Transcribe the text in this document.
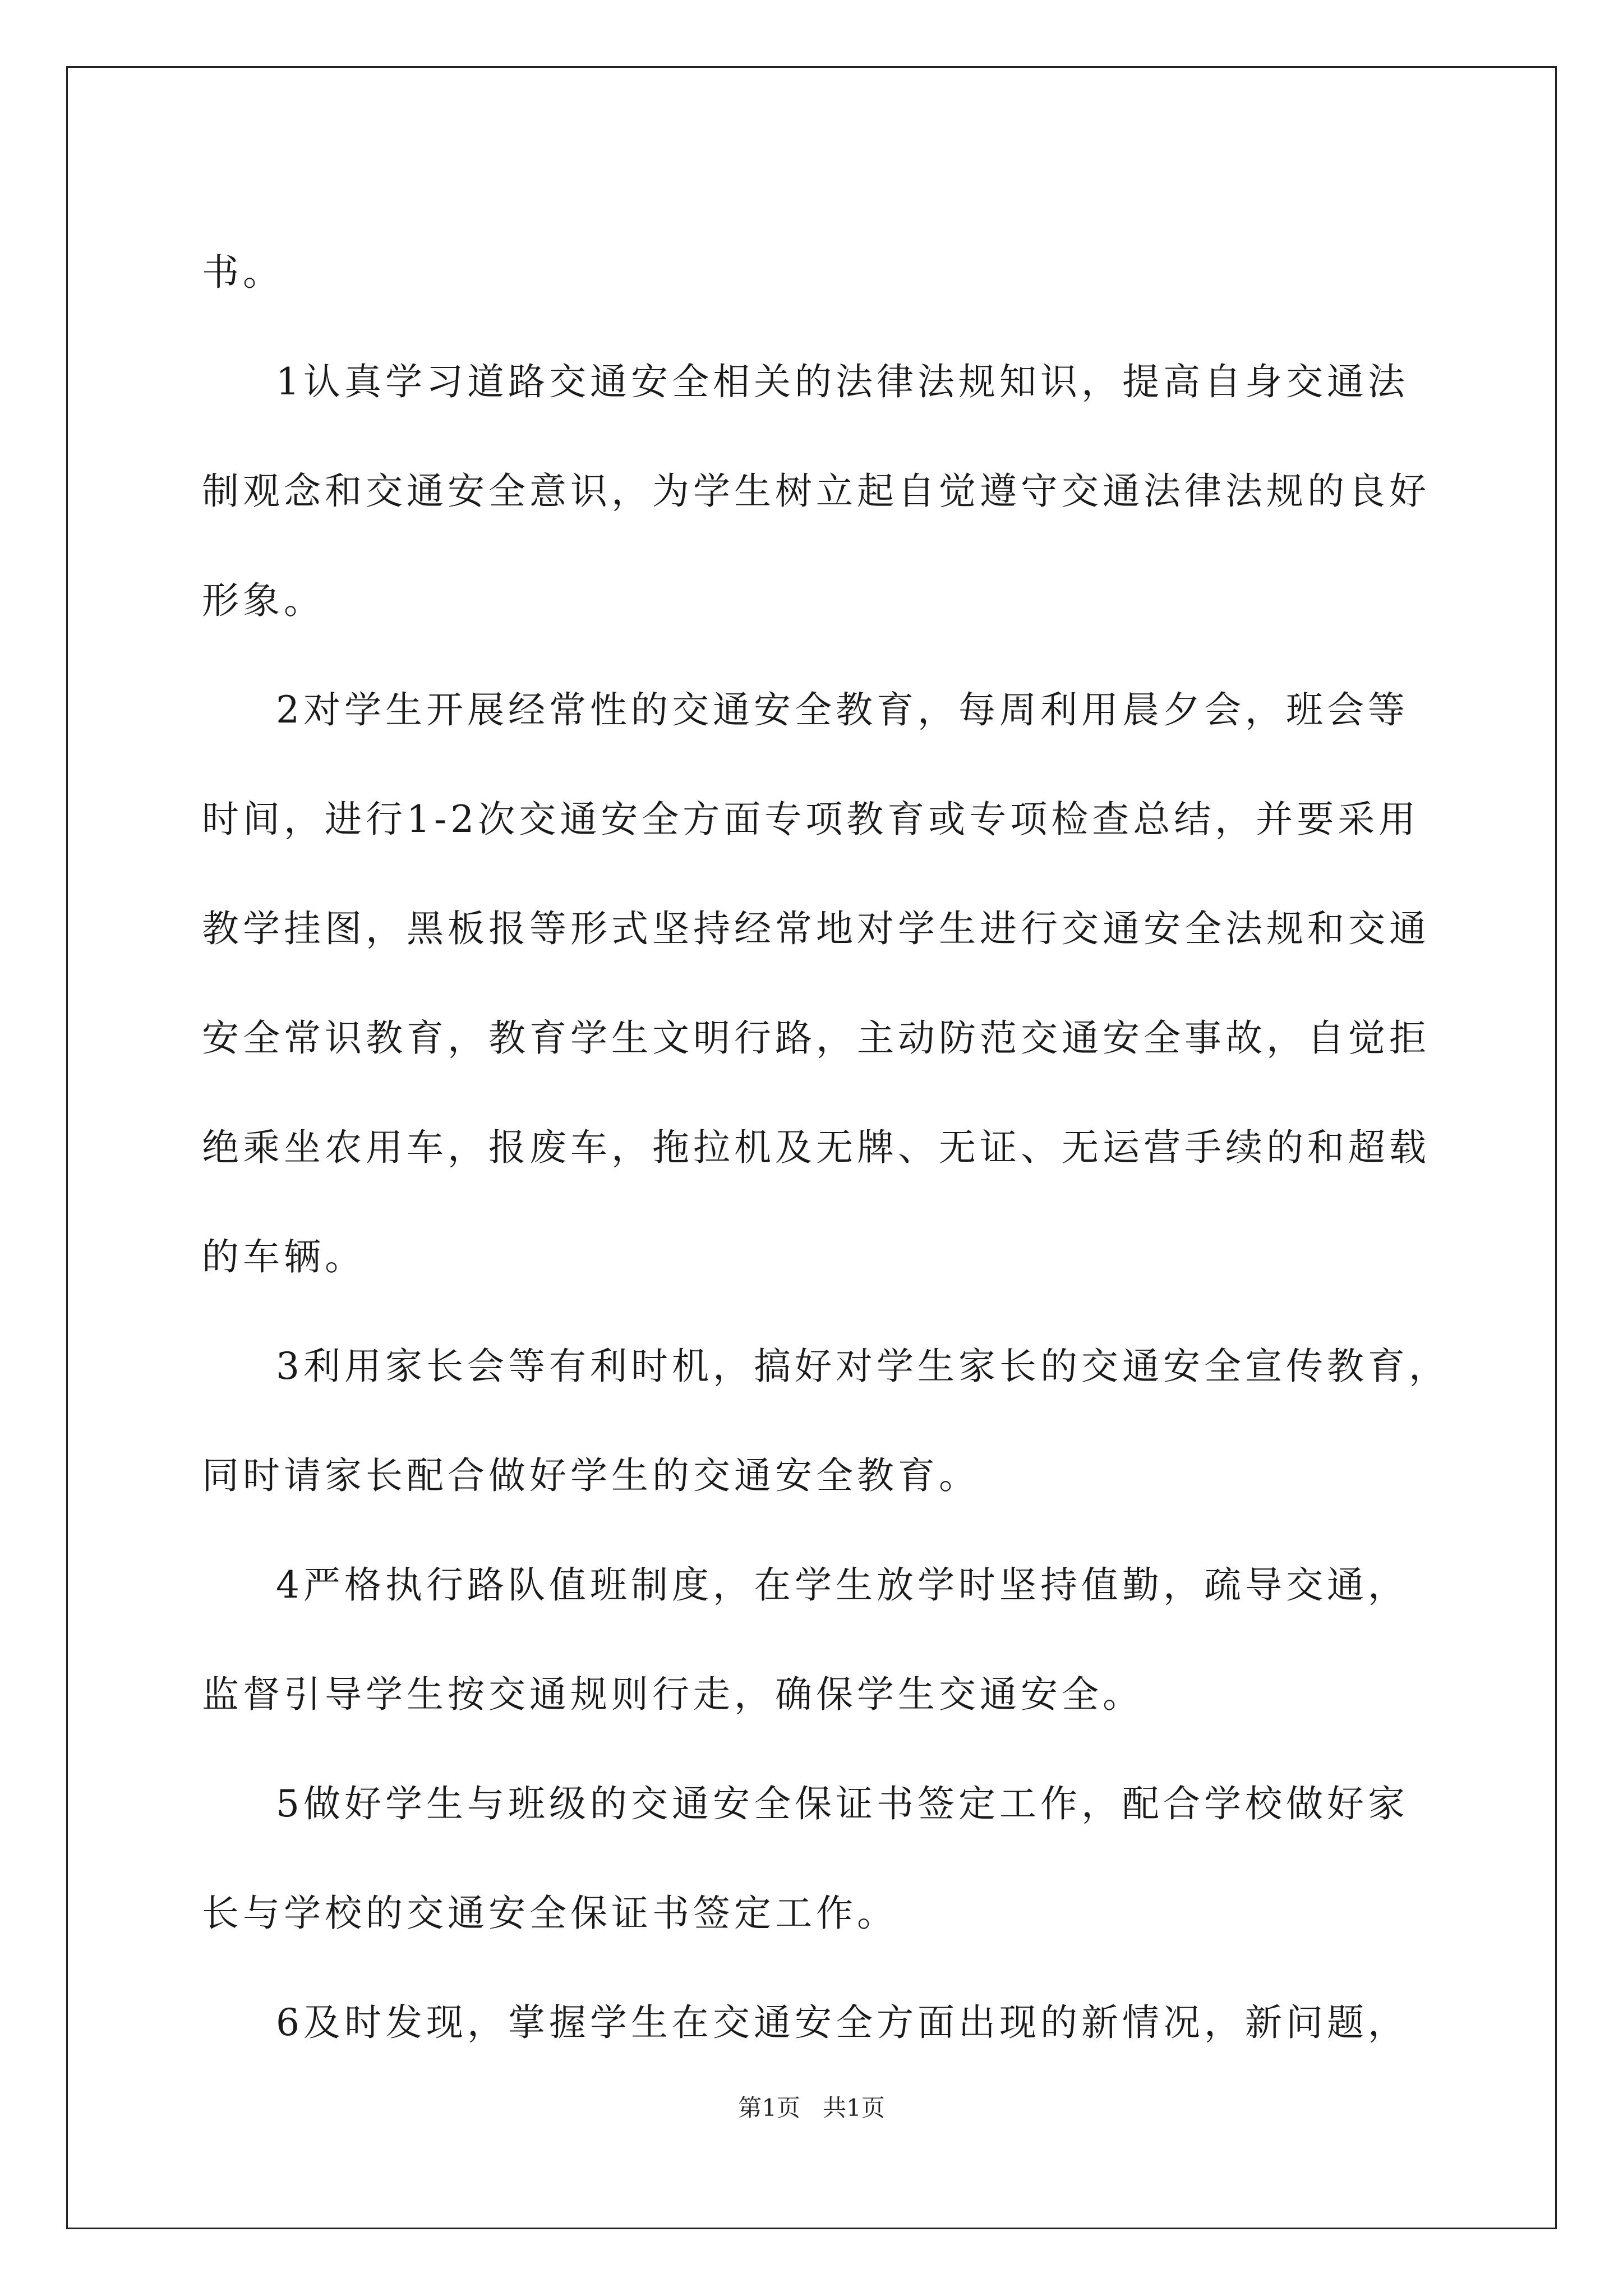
书。
1认真学习道路交通安全相关的法律法规知识，提高自身交通法
制观念和交通安全意识，为学生树立起自觉遵守交通法律法规的良好
形象。
2对学生开展经常性的交通安全教育，每周利用晨夕会，班会等
时间，进行1-2次交通安全方面专项教育或专项检查总结，并要采用
教学挂图，黑板报等形式坚持经常地对学生进行交通安全法规和交通
安全常识教育，教育学生文明行路，主动防范交通安全事故，自觉拒
绝乘坐农用车，报废车，拖拉机及无牌、无证、无运营手续的和超载
的车辆。
3利用家长会等有利时机，搞好对学生家长的交通安全宣传教育，
同时请家长配合做好学生的交通安全教育。
4严格执行路队值班制度，在学生放学时坚持值勤，疏导交通，
监督引导学生按交通规则行走，确保学生交通安全。
5做好学生与班级的交通安全保证书签定工作，配合学校做好家
长与学校的交通安全保证书签定工作。
6及时发现，掌握学生在交通安全方面出现的新情况，新问题，
第1页 共1页
